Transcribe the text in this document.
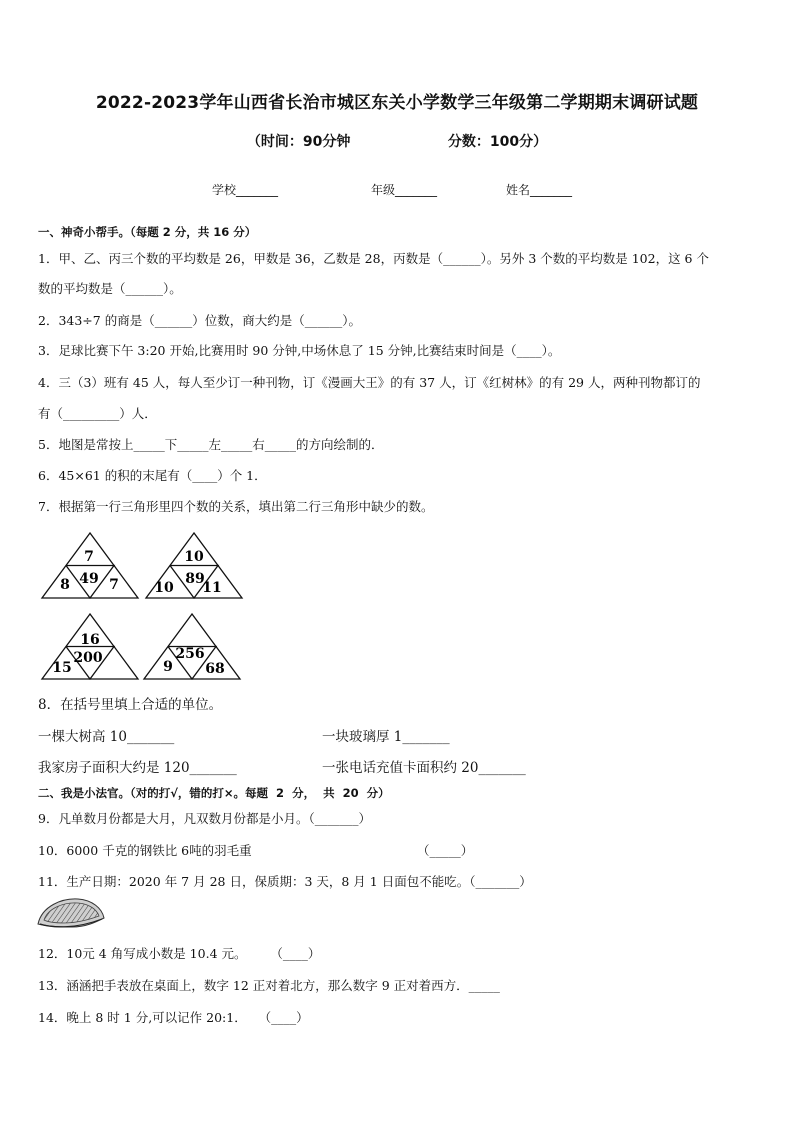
2022-2023学年山西省长治市城区东关小学数学三年级第二学期期末调研试题
（时间：90分钟                    分数：100分）
学校_______	年级_______	姓名_______
一、神奇小帮手。（每题 2 分，共 16 分）
1．甲、乙、丙三个数的平均数是 26，甲数是 36，乙数是 28，丙数是（______）。另外 3 个数的平均数是 102，这 6 个
数的平均数是（______）。
2．343÷7 的商是（______）位数，商大约是（______）。
3．足球比赛下午 3:20 开始,比赛用时 90 分钟,中场休息了 15 分钟,比赛结束时间是（____）。
4．三（3）班有 45 人，每人至少订一种刊物，订《漫画大王》的有 37 人，订《红树林》的有 29 人，两种刊物都订的
有（_________）人．
5．地图是常按上_____下_____左_____右_____的方向绘制的．
6．45×61 的积的末尾有（____）个 1．
7．根据第一行三角形里四个数的关系，填出第二行三角形中缺少的数。
7
49
8	7
10
89
10 11
16
200
15
256
9 68
8．在括号里填上合适的单位。
一棵大树高 10_______	一块玻璃厚 1_______
我家房子面积大约是 120_______	一张电话充值卡面积约 20_______
二、我是小法官。（对的打√，错的打×。每题  2  分，  共  20  分）
9．凡单数月份都是大月，凡双数月份都是小月。（_______）
10．6000 千克的钢铁比 6吨的羽毛重	（_____）
11．生产日期：2020 年 7 月 28 日，保质期：3 天，8 月 1 日面包不能吃。（_______）
12．10元 4 角写成小数是 10.4 元。      （____）
13．涵涵把手表放在桌面上，数字 12 正对着北方，那么数字 9 正对着西方．_____
14．晚上 8 时 1 分,可以记作 20:1．   （____）
